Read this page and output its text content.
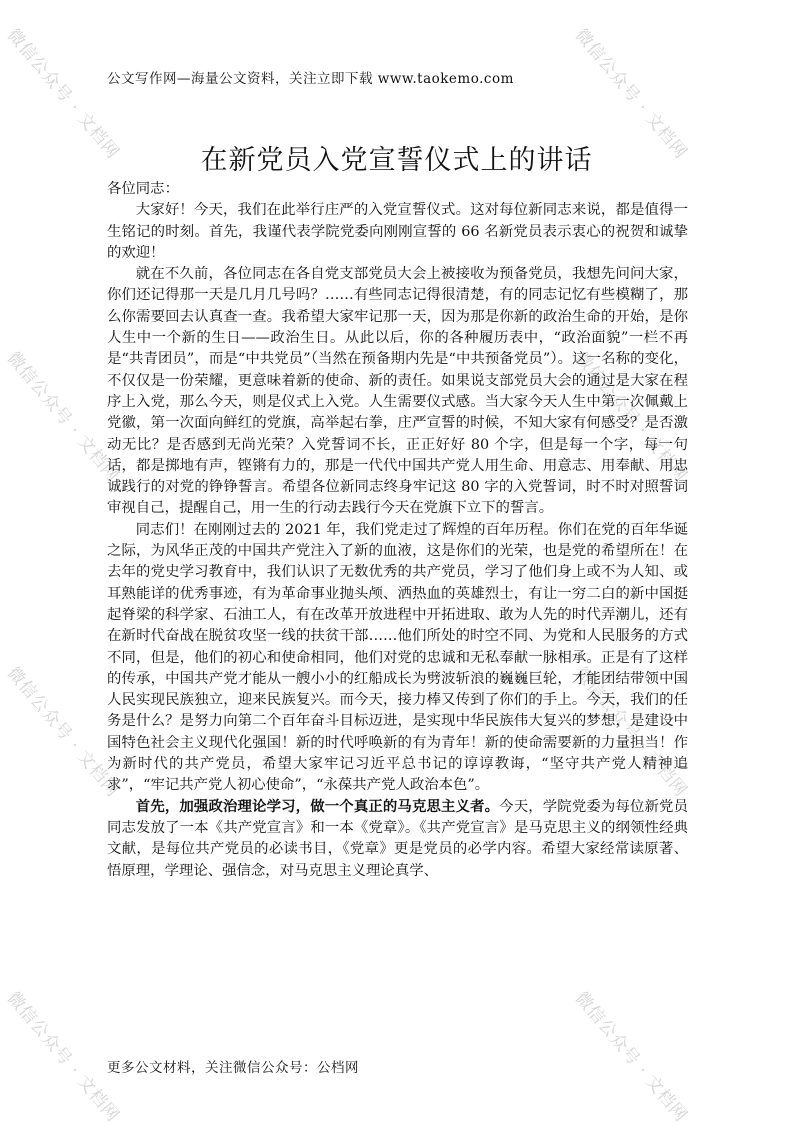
微信公众号 · 文档网	微信公众号 · 文档网
微信公众号 · 文档网	微信公众号 · 文档网
微信公众号 · 文档网	微信公众号 · 文档网
微信公众号 · 文档网	微信公众号 · 文档网
公文写作网—海量公文资料，关注立即下载 www.taokemo.com
在新党员入党宣誓仪式上的讲话

各位同志：

大家好！今天，我们在此举行庄严的入党宣誓仪式。这对每位新同志来说，都是值得一生铭记的时刻。首先，我谨代表学院党委向刚刚宣誓的 66 名新党员表示衷心的祝贺和诚挚的欢迎！

就在不久前，各位同志在各自党支部党员大会上被接收为预备党员，我想先问问大家，你们还记得那一天是几月几号吗？……有些同志记得很清楚，有的同志记忆有些模糊了，那么你需要回去认真查一查。我希望大家牢记那一天，因为那是你新的政治生命的开始，是你人生中一个新的生日——政治生日。从此以后，你的各种履历表中，“政治面貌”一栏不再是“共青团员”，而是“中共党员”（当然在预备期内先是“中共预备党员”）。这一名称的变化，不仅仅是一份荣耀，更意味着新的使命、新的责任。如果说支部党员大会的通过是大家在程序上入党，那么今天，则是仪式上入党。人生需要仪式感。当大家今天人生中第一次佩戴上党徽，第一次面向鲜红的党旗，高举起右拳，庄严宣誓的时候，不知大家有何感受？是否激动无比？是否感到无尚光荣？入党誓词不长，正正好好 80 个字，但是每一个字，每一句话，都是掷地有声，铿锵有力的，那是一代代中国共产党人用生命、用意志、用奉献、用忠诚践行的对党的铮铮誓言。希望各位新同志终身牢记这 80 字的入党誓词，时不时对照誓词审视自己，提醒自己，用一生的行动去践行今天在党旗下立下的誓言。

同志们！在刚刚过去的 2021 年，我们党走过了辉煌的百年历程。你们在党的百年华诞之际，为风华正茂的中国共产党注入了新的血液，这是你们的光荣，也是党的希望所在！在去年的党史学习教育中，我们认识了无数优秀的共产党员，学习了他们身上或不为人知、或耳熟能详的优秀事迹，有为革命事业抛头颅、洒热血的英雄烈士，有让一穷二白的新中国挺起脊梁的科学家、石油工人，有在改革开放进程中开拓进取、敢为人先的时代弄潮儿，还有在新时代奋战在脱贫攻坚一线的扶贫干部……他们所处的时空不同、为党和人民服务的方式不同，但是，他们的初心和使命相同，他们对党的忠诚和无私奉献一脉相承。正是有了这样的传承，中国共产党才能从一艘小小的红船成长为劈波斩浪的巍巍巨轮，才能团结带领中国人民实现民族独立，迎来民族复兴。而今天，接力棒又传到了你们的手上。今天，我们的任务是什么？是努力向第二个百年奋斗目标迈进，是实现中华民族伟大复兴的梦想，是建设中国特色社会主义现代化强国！新的时代呼唤新的有为青年！新的使命需要新的力量担当！作为新时代的共产党员，希望大家牢记习近平总书记的谆谆教诲，“坚守共产党人精神追求”，“牢记共产党人初心使命”，“永葆共产党人政治本色”。

首先，加强政治理论学习，做一个真正的马克思主义者。今天，学院党委为每位新党员同志发放了一本《共产党宣言》和一本《党章》。《共产党宣言》是马克思主义的纲领性经典文献，是每位共产党员的必读书目，《党章》更是党员的必学内容。希望大家经常读原著、悟原理，学理论、强信念，对马克思主义理论真学、

更多公文材料，关注微信公众号：公档网
